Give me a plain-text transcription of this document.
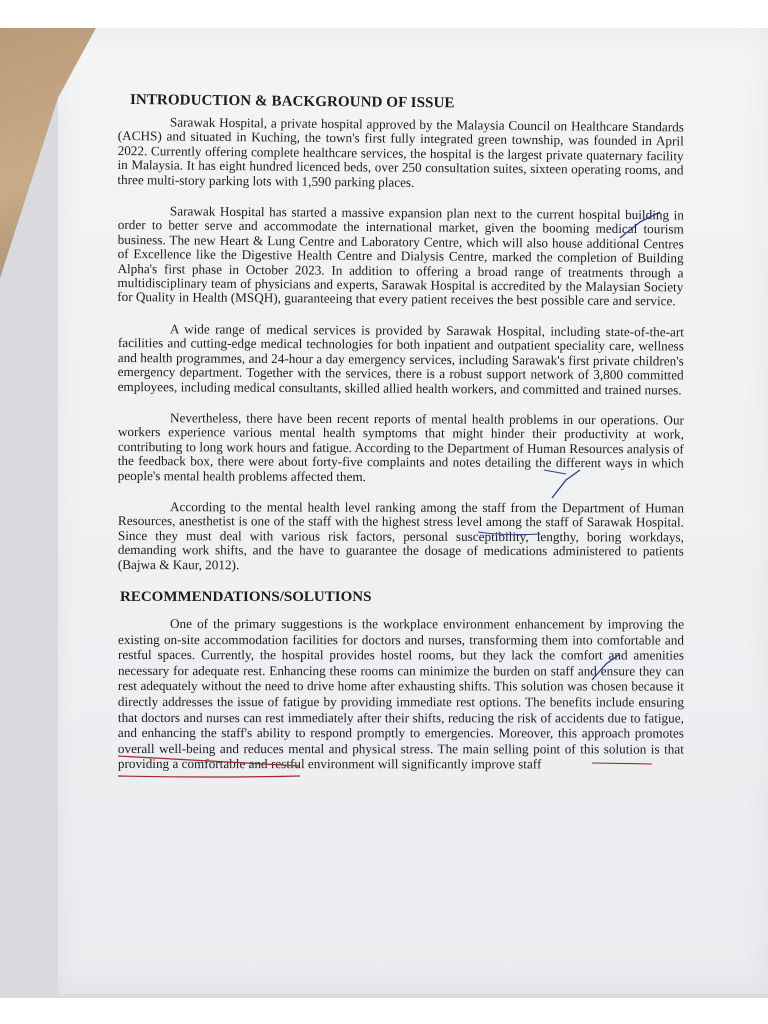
INTRODUCTION & BACKGROUND OF ISSUE

Sarawak Hospital, a private hospital approved by the Malaysia Council on Healthcare Standards (ACHS) and situated in Kuching, the town's first fully integrated green township, was founded in April 2022. Currently offering complete healthcare services, the hospital is the largest private quaternary facility in Malaysia. It has eight hundred licenced beds, over 250 consultation suites, sixteen operating rooms, and three multi-story parking lots with 1,590 parking places.

Sarawak Hospital has started a massive expansion plan next to the current hospital building in order to better serve and accommodate the international market, given the booming medical tourism business. The new Heart & Lung Centre and Laboratory Centre, which will also house additional Centres of Excellence like the Digestive Health Centre and Dialysis Centre, marked the completion of Building Alpha's first phase in October 2023. In addition to offering a broad range of treatments through a multidisciplinary team of physicians and experts, Sarawak Hospital is accredited by the Malaysian Society for Quality in Health (MSQH), guaranteeing that every patient receives the best possible care and service.

A wide range of medical services is provided by Sarawak Hospital, including state-of-the-art facilities and cutting-edge medical technologies for both inpatient and outpatient speciality care, wellness and health programmes, and 24-hour a day emergency services, including Sarawak's first private children's emergency department. Together with the services, there is a robust support network of 3,800 committed employees, including medical consultants, skilled allied health workers, and committed and trained nurses.

Nevertheless, there have been recent reports of mental health problems in our operations. Our workers experience various mental health symptoms that might hinder their productivity at work, contributing to long work hours and fatigue. According to the Department of Human Resources analysis of the feedback box, there were about forty-five complaints and notes detailing the different ways in which people's mental health problems affected them.

According to the mental health level ranking among the staff from the Department of Human Resources, anesthetist is one of the staff with the highest stress level among the staff of Sarawak Hospital. Since they must deal with various risk factors, personal susceptibility, lengthy, boring workdays, demanding work shifts, and the have to guarantee the dosage of medications administered to patients (Bajwa & Kaur, 2012).

RECOMMENDATIONS/SOLUTIONS

One of the primary suggestions is the workplace environment enhancement by improving the existing on-site accommodation facilities for doctors and nurses, transforming them into comfortable and restful spaces. Currently, the hospital provides hostel rooms, but they lack the comfort and amenities necessary for adequate rest. Enhancing these rooms can minimize the burden on staff and ensure they can rest adequately without the need to drive home after exhausting shifts. This solution was chosen because it directly addresses the issue of fatigue by providing immediate rest options. The benefits include ensuring that doctors and nurses can rest immediately after their shifts, reducing the risk of accidents due to fatigue, and enhancing the staff's ability to respond promptly to emergencies. Moreover, this approach promotes overall well-being and reduces mental and physical stress. The main selling point of this solution is that providing a comfortable and restful environment will significantly improve staff
